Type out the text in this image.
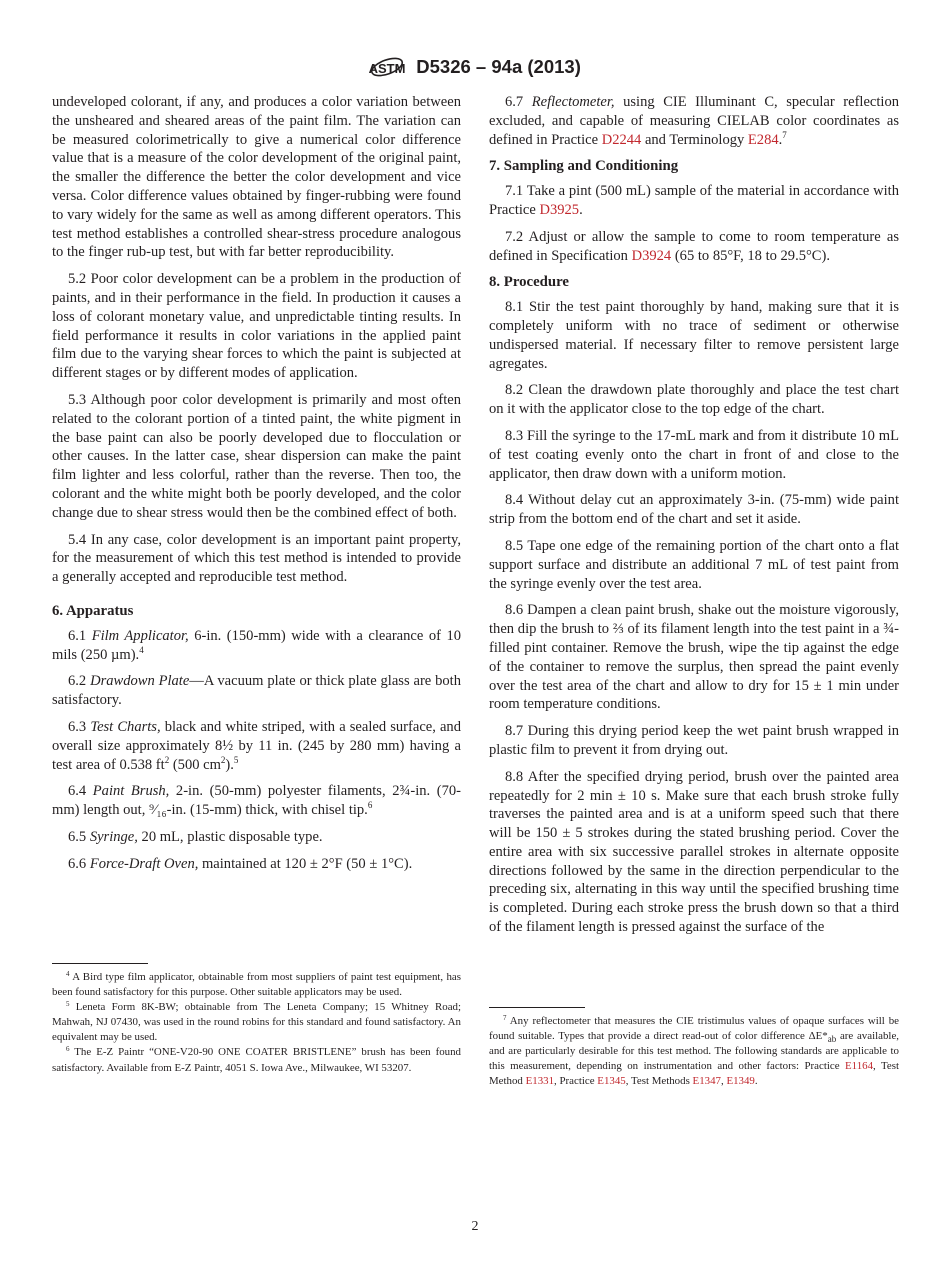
ASTM D5326 – 94a (2013)

undeveloped colorant, if any, and produces a color variation between the unsheared and sheared areas of the paint film. The variation can be measured colorimetrically to give a numerical color difference value that is a measure of the color development of the original paint, the smaller the difference the better the color development and vice versa. Color difference values obtained by finger-rubbing were found to vary widely for the same as well as among different operators. This test method establishes a controlled shear-stress procedure analogous to the finger rub-up test, but with far better reproducibility.

5.2 Poor color development can be a problem in the production of paints, and in their performance in the field. In production it causes a loss of colorant monetary value, and unpredictable tinting results. In field performance it results in color variations in the applied paint film due to the varying shear forces to which the paint is subjected at different stages or by different modes of application.

5.3 Although poor color development is primarily and most often related to the colorant portion of a tinted paint, the white pigment in the base paint can also be poorly developed due to flocculation or other causes. In the latter case, shear dispersion can make the paint film lighter and less colorful, rather than the reverse. Then too, the colorant and the white might both be poorly developed, and the color change due to shear stress would then be the combined effect of both.

5.4 In any case, color development is an important paint property, for the measurement of which this test method is intended to provide a generally accepted and reproducible test method.

6. Apparatus

6.1 Film Applicator, 6-in. (150-mm) wide with a clearance of 10 mils (250 µm).$^4$

6.2 Drawdown Plate—A vacuum plate or thick plate glass are both satisfactory.

6.3 Test Charts, black and white striped, with a sealed surface, and overall size approximately 8½ by 11 in. (245 by 280 mm) having a test area of 0.538 $ft^2$ (500 $cm^2).^5$

6.4 Paint Brush, 2-in. (50-mm) polyester filaments, 2¾-in. (70-mm) length out, ⁹⁄₁₆-in. (15-mm) thick, with chisel tip.$^6$

6.5 Syringe, 20 mL, plastic disposable type.

6.6 Force-Draft Oven, maintained at 120 ± 2°F (50 ± 1°C).

6.7 Reflectometer, using CIE Illuminant C, specular reflection excluded, and capable of measuring CIELAB color coordinates as defined in Practice D2244 and Terminology E284.$^7$

7. Sampling and Conditioning

7.1 Take a pint (500 mL) sample of the material in accordance with Practice D3925.

7.2 Adjust or allow the sample to come to room temperature as defined in Specification D3924 (65 to 85°F, 18 to 29.5°C).

8. Procedure

8.1 Stir the test paint thoroughly by hand, making sure that it is completely uniform with no trace of sediment or otherwise undispersed material. If necessary filter to remove persistent large agregates.

8.2 Clean the drawdown plate thoroughly and place the test chart on it with the applicator close to the top edge of the chart.

8.3 Fill the syringe to the 17-mL mark and from it distribute 10 mL of test coating evenly onto the chart in front of and close to the applicator, then draw down with a uniform motion.

8.4 Without delay cut an approximately 3-in. (75-mm) wide paint strip from the bottom end of the chart and set it aside.

8.5 Tape one edge of the remaining portion of the chart onto a flat support surface and distribute an additional 7 mL of test paint from the syringe evenly over the test area.

8.6 Dampen a clean paint brush, shake out the moisture vigorously, then dip the brush to ⅔ of its filament length into the test paint in a ¾-filled pint container. Remove the brush, wipe the tip against the edge of the container to remove the surplus, then spread the paint evenly over the test area of the chart and allow to dry for 15 ± 1 min under room temperature conditions.

8.7 During this drying period keep the wet paint brush wrapped in plastic film to prevent it from drying out.

8.8 After the specified drying period, brush over the painted area repeatedly for 2 min ± 10 s. Make sure that each brush stroke fully traverses the painted area and is at a uniform speed such that there will be 150 ± 5 strokes during the stated brushing period. Cover the entire area with six successive parallel strokes in alternate opposite directions followed by the same in the direction perpendicular to the preceding six, alternating in this way until the specified brushing time is completed. During each stroke press the brush down so that a third of the filament length is pressed against the surface of the

$^4$ A Bird type film applicator, obtainable from most suppliers of paint test equipment, has been found satisfactory for this purpose. Other suitable applicators may be used.

$^5$ Leneta Form 8K-BW; obtainable from The Leneta Company; 15 Whitney Road; Mahwah, NJ 07430, was used in the round robins for this standard and found satisfactory. An equivalent may be used.

$^6$ The E-Z Paintr “ONE-V20-90 ONE COATER BRISTLENE” brush has been found satisfactory. Available from E-Z Paintr, 4051 S. Iowa Ave., Milwaukee, WI 53207.

$^7$ Any reflectometer that measures the CIE tristimulus values of opaque surfaces will be found suitable. Types that provide a direct read-out of color difference $\Delta E*_{ab}$ are available, and are particularly desirable for this test method. The following standards are applicable to this measurement, depending on instrumentation and other factors: Practice E1164, Test Method E1331, Practice E1345, Test Methods E1347, E1349.

2
